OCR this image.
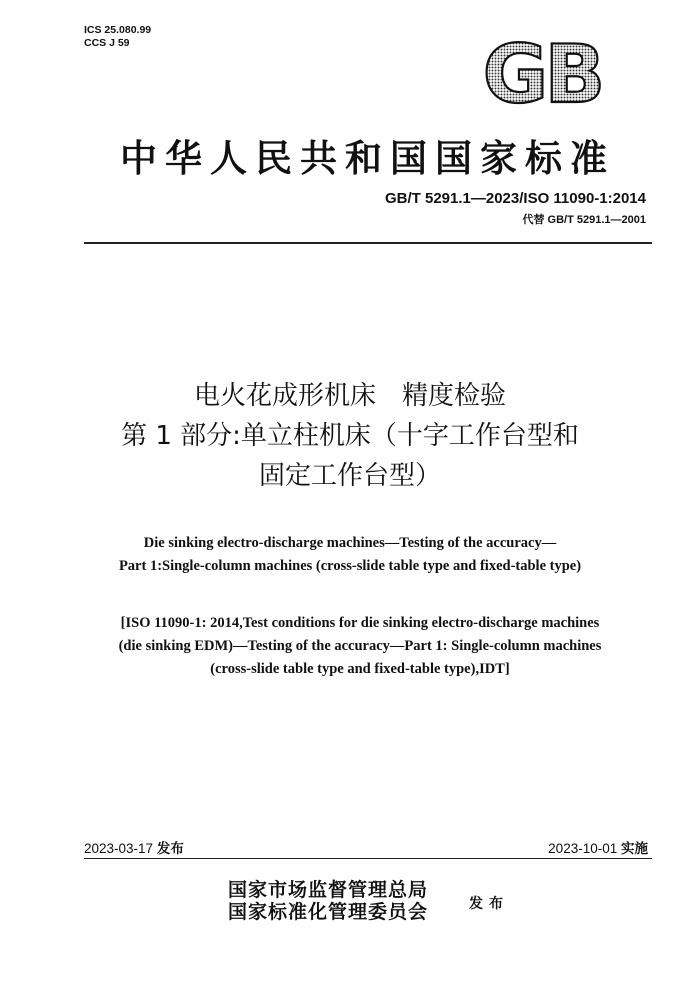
ICS 25.080.99
CCS J 59	GB
中华人民共和国国家标准
GB/T 5291.1—2023/ISO 11090-1:2014
代替 GB/T 5291.1—2001
电火花成形机床　精度检验
第 1 部分:单立柱机床（十字工作台型和
固定工作台型）
Die sinking electro-discharge machines—Testing of the accuracy—
Part 1:Single-column machines (cross-slide table type and fixed-table type)
[ISO 11090-1: 2014,Test conditions for die sinking electro-discharge machines
(die sinking EDM)—Testing of the accuracy—Part 1: Single-column machines
(cross-slide table type and fixed-table type),IDT]
2023-03-17 发布	2023-10-01 实施
国家市场监督管理总局
国家标准化管理委员会	发布
